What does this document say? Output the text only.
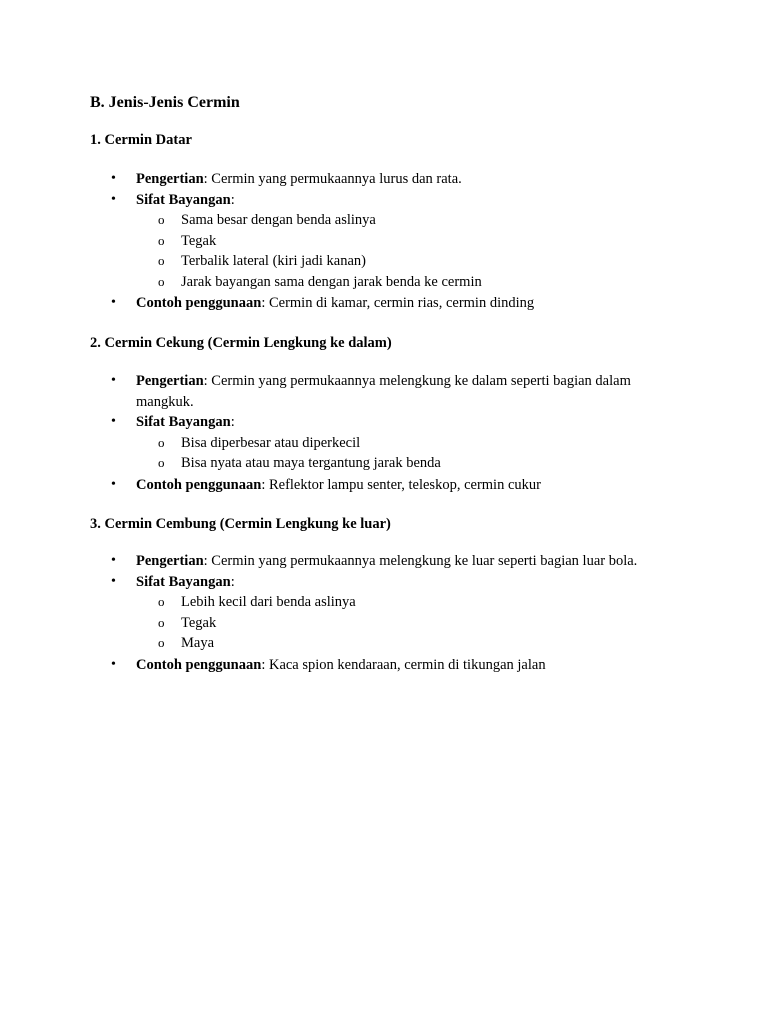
B. Jenis-Jenis Cermin
1. Cermin Datar
• Pengertian: Cermin yang permukaannya lurus dan rata.
• Sifat Bayangan:
o Sama besar dengan benda aslinya
o Tegak
o Terbalik lateral (kiri jadi kanan)
o Jarak bayangan sama dengan jarak benda ke cermin
• Contoh penggunaan: Cermin di kamar, cermin rias, cermin dinding
2. Cermin Cekung (Cermin Lengkung ke dalam)
• Pengertian: Cermin yang permukaannya melengkung ke dalam seperti bagian dalam mangkuk.
• Sifat Bayangan:
o Bisa diperbesar atau diperkecil
o Bisa nyata atau maya tergantung jarak benda
• Contoh penggunaan: Reflektor lampu senter, teleskop, cermin cukur
3. Cermin Cembung (Cermin Lengkung ke luar)
• Pengertian: Cermin yang permukaannya melengkung ke luar seperti bagian luar bola.
• Sifat Bayangan:
o Lebih kecil dari benda aslinya
o Tegak
o Maya
• Contoh penggunaan: Kaca spion kendaraan, cermin di tikungan jalan
